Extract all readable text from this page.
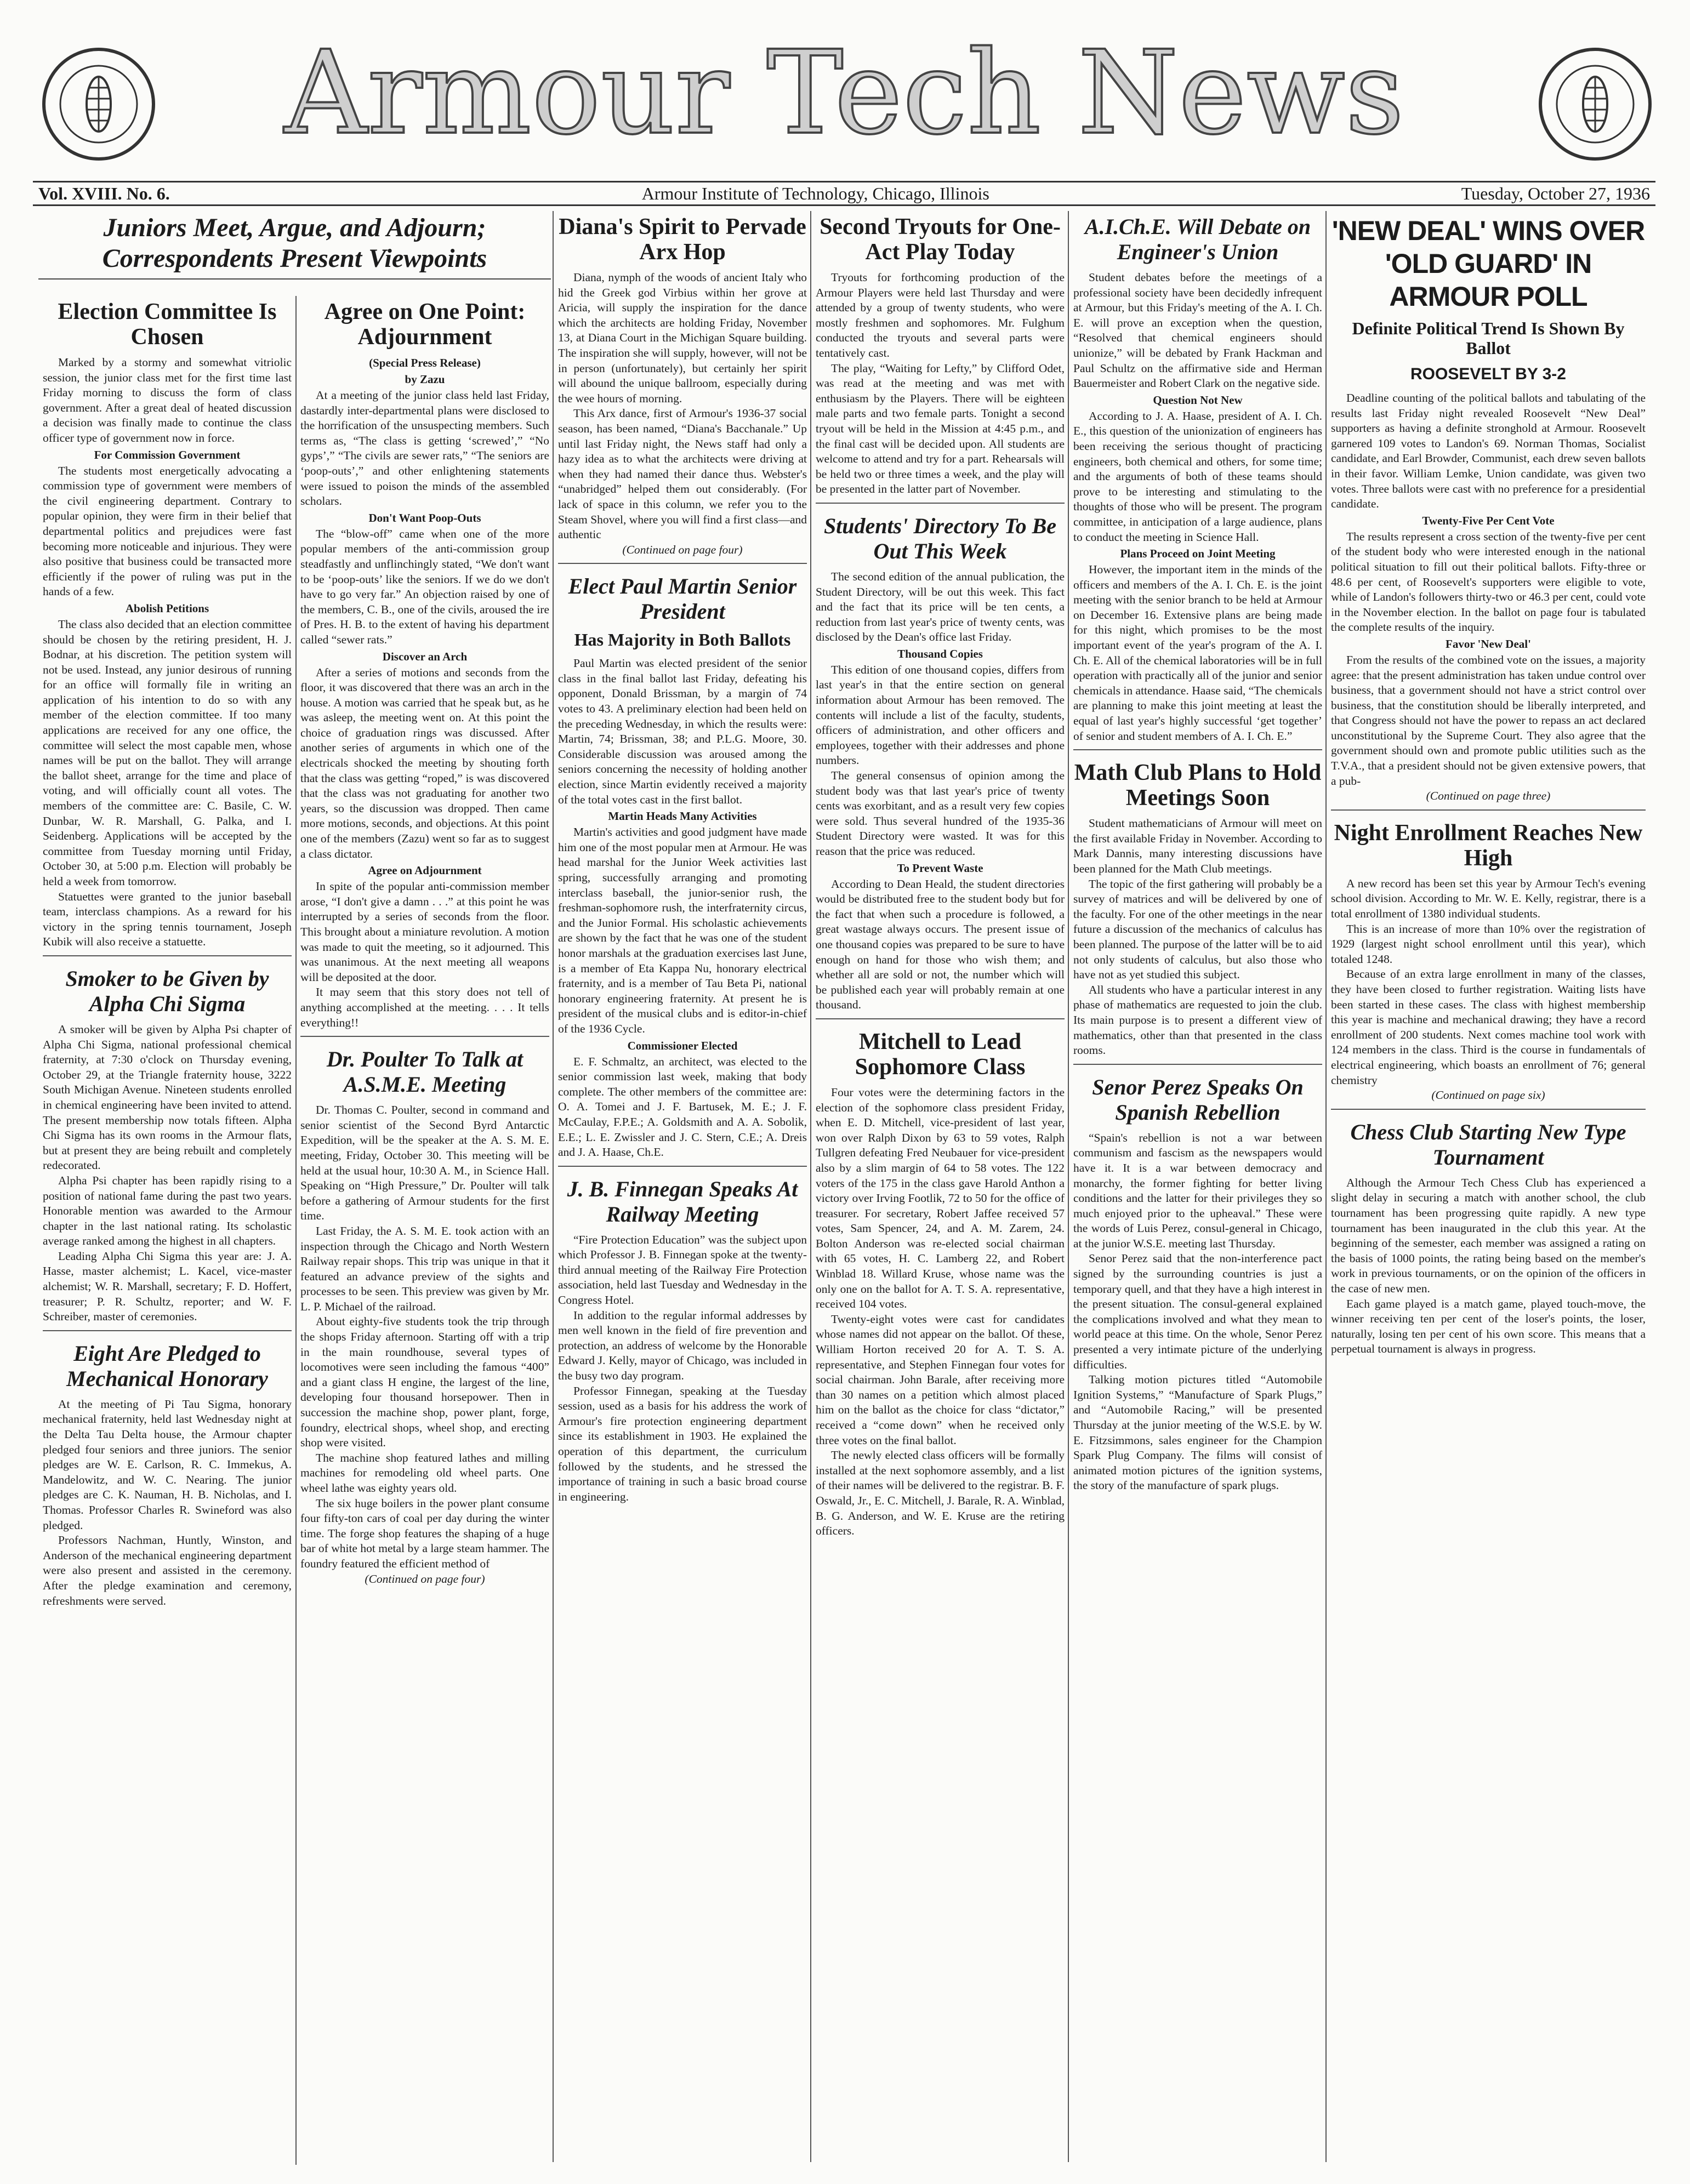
Armour Tech News
Vol. XVIII. No. 6.	Armour Institute of Technology, Chicago, Illinois	Tuesday, October 27, 1936
Juniors Meet, Argue, and Adjourn;
Correspondents Present Viewpoints
Election Committee Is Chosen

Marked by a stormy and somewhat vitriolic session, the junior class met for the first time last Friday morning to discuss the form of class government. After a great deal of heated discussion a decision was finally made to continue the class officer type of government now in force.

For Commission Government

The students most energetically advocating a commission type of government were members of the civil engineering department. Contrary to popular opinion, they were firm in their belief that departmental politics and prejudices were fast becoming more noticeable and injurious. They were also positive that business could be transacted more efficiently if the power of ruling was put in the hands of a few.

Abolish Petitions

The class also decided that an election committee should be chosen by the retiring president, H. J. Bodnar, at his discretion. The petition system will not be used. Instead, any junior desirous of running for an office will formally file in writing an application of his intention to do so with any member of the election committee. If too many applications are received for any one office, the committee will select the most capable men, whose names will be put on the ballot. They will arrange the ballot sheet, arrange for the time and place of voting, and will officially count all votes. The members of the committee are: C. Basile, C. W. Dunbar, W. R. Marshall, G. Palka, and I. Seidenberg. Applications will be accepted by the committee from Tuesday morning until Friday, October 30, at 5:00 p.m. Election will probably be held a week from tomorrow.

Statuettes were granted to the junior baseball team, interclass champions. As a reward for his victory in the spring tennis tournament, Joseph Kubik will also receive a statuette.

Smoker to be Given by Alpha Chi Sigma

A smoker will be given by Alpha Psi chapter of Alpha Chi Sigma, national professional chemical fraternity, at 7:30 o'clock on Thursday evening, October 29, at the Triangle fraternity house, 3222 South Michigan Avenue. Nineteen students enrolled in chemical engineering have been invited to attend. The present membership now totals fifteen. Alpha Chi Sigma has its own rooms in the Armour flats, but at present they are being rebuilt and completely redecorated.

Alpha Psi chapter has been rapidly rising to a position of national fame during the past two years. Honorable mention was awarded to the Armour chapter in the last national rating. Its scholastic average ranked among the highest in all chapters.

Leading Alpha Chi Sigma this year are: J. A. Hasse, master alchemist; L. Kacel, vice-master alchemist; W. R. Marshall, secretary; F. D. Hoffert, treasurer; P. R. Schultz, reporter; and W. F. Schreiber, master of ceremonies.

Eight Are Pledged to Mechanical Honorary

At the meeting of Pi Tau Sigma, honorary mechanical fraternity, held last Wednesday night at the Delta Tau Delta house, the Armour chapter pledged four seniors and three juniors. The senior pledges are W. E. Carlson, R. C. Immekus, A. Mandelowitz, and W. C. Nearing. The junior pledges are C. K. Nauman, H. B. Nicholas, and I. Thomas. Professor Charles R. Swineford was also pledged.

Professors Nachman, Huntly, Winston, and Anderson of the mechanical engineering department were also present and assisted in the ceremony. After the pledge examination and ceremony, refreshments were served.

Agree on One Point: Adjournment
(Special Press Release)
by Zazu

At a meeting of the junior class held last Friday, dastardly inter-departmental plans were disclosed to the horrification of the unsuspecting members. Such terms as, “The class is getting ‘screwed’,” “No gyps’,” “The civils are sewer rats,” “The seniors are ‘poop-outs’,” and other enlightening statements were issued to poison the minds of the assembled scholars.

Don't Want Poop-Outs

The “blow-off” came when one of the more popular members of the anti-commission group steadfastly and unflinchingly stated, “We don't want to be ‘poop-outs’ like the seniors. If we do we don't have to go very far.” An objection raised by one of the members, C. B., one of the civils, aroused the ire of Pres. H. B. to the extent of having his department called “sewer rats.”

Discover an Arch

After a series of motions and seconds from the floor, it was discovered that there was an arch in the house. A motion was carried that he speak but, as he was asleep, the meeting went on. At this point the choice of graduation rings was discussed. After another series of arguments in which one of the electricals shocked the meeting by shouting forth that the class was getting “roped,” is was discovered that the class was not graduating for another two years, so the discussion was dropped. Then came more motions, seconds, and objections. At this point one of the members (Zazu) went so far as to suggest a class dictator.

Agree on Adjournment

In spite of the popular anti-commission member arose, “I don't give a damn . . .” at this point he was interrupted by a series of seconds from the floor. This brought about a miniature revolution. A motion was made to quit the meeting, so it adjourned. This was unanimous. At the next meeting all weapons will be deposited at the door.

It may seem that this story does not tell of anything accomplished at the meeting. . . . It tells everything!!

Dr. Poulter To Talk at A.S.M.E. Meeting

Dr. Thomas C. Poulter, second in command and senior scientist of the Second Byrd Antarctic Expedition, will be the speaker at the A. S. M. E. meeting, Friday, October 30. This meeting will be held at the usual hour, 10:30 A. M., in Science Hall. Speaking on “High Pressure,” Dr. Poulter will talk before a gathering of Armour students for the first time.

Last Friday, the A. S. M. E. took action with an inspection through the Chicago and North Western Railway repair shops. This trip was unique in that it featured an advance preview of the sights and processes to be seen. This preview was given by Mr. L. P. Michael of the railroad.

About eighty-five students took the trip through the shops Friday afternoon. Starting off with a trip in the main roundhouse, several types of locomotives were seen including the famous “400” and a giant class H engine, the largest of the line, developing four thousand horsepower. Then in succession the machine shop, power plant, forge, foundry, electrical shops, wheel shop, and erecting shop were visited.

The machine shop featured lathes and milling machines for remodeling old wheel parts. One wheel lathe was eighty years old.

The six huge boilers in the power plant consume four fifty-ton cars of coal per day during the winter time. The forge shop features the shaping of a huge bar of white hot metal by a large steam hammer. The foundry featured the efficient method of

(Continued on page four)

Diana's Spirit to Pervade Arx Hop

Diana, nymph of the woods of ancient Italy who hid the Greek god Virbius within her grove at Aricia, will supply the inspiration for the dance which the architects are holding Friday, November 13, at Diana Court in the Michigan Square building. The inspiration she will supply, however, will not be in person (unfortunately), but certainly her spirit will abound the unique ballroom, especially during the wee hours of morning.

This Arx dance, first of Armour's 1936-37 social season, has been named, “Diana's Bacchanale.” Up until last Friday night, the News staff had only a hazy idea as to what the architects were driving at when they had named their dance thus. Webster's “unabridged” helped them out considerably. (For lack of space in this column, we refer you to the Steam Shovel, where you will find a first class—and authentic

(Continued on page four)

Elect Paul Martin Senior President
Has Majority in Both Ballots

Paul Martin was elected president of the senior class in the final ballot last Friday, defeating his opponent, Donald Brissman, by a margin of 74 votes to 43. A preliminary election had been held on the preceding Wednesday, in which the results were: Martin, 74; Brissman, 38; and P.L.G. Moore, 30. Considerable discussion was aroused among the seniors concerning the necessity of holding another election, since Martin evidently received a majority of the total votes cast in the first ballot.

Martin Heads Many Activities

Martin's activities and good judgment have made him one of the most popular men at Armour. He was head marshal for the Junior Week activities last spring, successfully arranging and promoting interclass baseball, the junior-senior rush, the freshman-sophomore rush, the interfraternity circus, and the Junior Formal. His scholastic achievements are shown by the fact that he was one of the student honor marshals at the graduation exercises last June, is a member of Eta Kappa Nu, honorary electrical fraternity, and is a member of Tau Beta Pi, national honorary engineering fraternity. At present he is president of the musical clubs and is editor-in-chief of the 1936 Cycle.

Commissioner Elected

E. F. Schmaltz, an architect, was elected to the senior commission last week, making that body complete. The other members of the committee are: O. A. Tomei and J. F. Bartusek, M. E.; J. F. McCaulay, F.P.E.; A. Goldsmith and A. A. Sobolik, E.E.; L. E. Zwissler and J. C. Stern, C.E.; A. Dreis and J. A. Haase, Ch.E.

J. B. Finnegan Speaks At Railway Meeting

“Fire Protection Education” was the subject upon which Professor J. B. Finnegan spoke at the twenty-third annual meeting of the Railway Fire Protection association, held last Tuesday and Wednesday in the Congress Hotel.

In addition to the regular informal addresses by men well known in the field of fire prevention and protection, an address of welcome by the Honorable Edward J. Kelly, mayor of Chicago, was included in the busy two day program.

Professor Finnegan, speaking at the Tuesday session, used as a basis for his address the work of Armour's fire protection engineering department since its establishment in 1903. He explained the operation of this department, the curriculum followed by the students, and he stressed the importance of training in such a basic broad course in engineering.

Second Tryouts for One-Act Play Today

Tryouts for forthcoming production of the Armour Players were held last Thursday and were attended by a group of twenty students, who were mostly freshmen and sophomores. Mr. Fulghum conducted the tryouts and several parts were tentatively cast.

The play, “Waiting for Lefty,” by Clifford Odet, was read at the meeting and was met with enthusiasm by the Players. There will be eighteen male parts and two female parts. Tonight a second tryout will be held in the Mission at 4:45 p.m., and the final cast will be decided upon. All students are welcome to attend and try for a part. Rehearsals will be held two or three times a week, and the play will be presented in the latter part of November.

Students' Directory To Be Out This Week

The second edition of the annual publication, the Student Directory, will be out this week. This fact and the fact that its price will be ten cents, a reduction from last year's price of twenty cents, was disclosed by the Dean's office last Friday.

Thousand Copies

This edition of one thousand copies, differs from last year's in that the entire section on general information about Armour has been removed. The contents will include a list of the faculty, students, officers of administration, and other officers and employees, together with their addresses and phone numbers.

The general consensus of opinion among the student body was that last year's price of twenty cents was exorbitant, and as a result very few copies were sold. Thus several hundred of the 1935-36 Student Directory were wasted. It was for this reason that the price was reduced.

To Prevent Waste

According to Dean Heald, the student directories would be distributed free to the student body but for the fact that when such a procedure is followed, a great wastage always occurs. The present issue of one thousand copies was prepared to be sure to have enough on hand for those who wish them; and whether all are sold or not, the number which will be published each year will probably remain at one thousand.

Mitchell to Lead Sophomore Class

Four votes were the determining factors in the election of the sophomore class president Friday, when E. D. Mitchell, vice-president of last year, won over Ralph Dixon by 63 to 59 votes, Ralph Tullgren defeating Fred Neubauer for vice-president also by a slim margin of 64 to 58 votes. The 122 voters of the 175 in the class gave Harold Anthon a victory over Irving Footlik, 72 to 50 for the office of treasurer. For secretary, Robert Jaffee received 57 votes, Sam Spencer, 24, and A. M. Zarem, 24. Bolton Anderson was re-elected social chairman with 65 votes, H. C. Lamberg 22, and Robert Winblad 18. Willard Kruse, whose name was the only one on the ballot for A. T. S. A. representative, received 104 votes.

Twenty-eight votes were cast for candidates whose names did not appear on the ballot. Of these, William Horton received 20 for A. T. S. A. representative, and Stephen Finnegan four votes for social chairman. John Barale, after receiving more than 30 names on a petition which almost placed him on the ballot as the choice for class “dictator,” received a “come down” when he received only three votes on the final ballot.

The newly elected class officers will be formally installed at the next sophomore assembly, and a list of their names will be delivered to the registrar. B. F. Oswald, Jr., E. C. Mitchell, J. Barale, R. A. Winblad, B. G. Anderson, and W. E. Kruse are the retiring officers.

A.I.Ch.E. Will Debate on Engineer's Union

Student debates before the meetings of a professional society have been decidedly infrequent at Armour, but this Friday's meeting of the A. I. Ch. E. will prove an exception when the question, “Resolved that chemical engineers should unionize,” will be debated by Frank Hackman and Paul Schultz on the affirmative side and Herman Bauermeister and Robert Clark on the negative side.

Question Not New

According to J. A. Haase, president of A. I. Ch. E., this question of the unionization of engineers has been receiving the serious thought of practicing engineers, both chemical and others, for some time; and the arguments of both of these teams should prove to be interesting and stimulating to the thoughts of those who will be present. The program committee, in anticipation of a large audience, plans to conduct the meeting in Science Hall.

Plans Proceed on Joint Meeting

However, the important item in the minds of the officers and members of the A. I. Ch. E. is the joint meeting with the senior branch to be held at Armour on December 16. Extensive plans are being made for this night, which promises to be the most important event of the year's program of the A. I. Ch. E. All of the chemical laboratories will be in full operation with practically all of the junior and senior chemicals in attendance. Haase said, “The chemicals are planning to make this joint meeting at least the equal of last year's highly successful ‘get together’ of senior and student members of A. I. Ch. E.”

Math Club Plans to Hold Meetings Soon

Student mathematicians of Armour will meet on the first available Friday in November. According to Mark Dannis, many interesting discussions have been planned for the Math Club meetings.

The topic of the first gathering will probably be a survey of matrices and will be delivered by one of the faculty. For one of the other meetings in the near future a discussion of the mechanics of calculus has been planned. The purpose of the latter will be to aid not only students of calculus, but also those who have not as yet studied this subject.

All students who have a particular interest in any phase of mathematics are requested to join the club. Its main purpose is to present a different view of mathematics, other than that presented in the class rooms.

Senor Perez Speaks On Spanish Rebellion

“Spain's rebellion is not a war between communism and fascism as the newspapers would have it. It is a war between democracy and monarchy, the former fighting for better living conditions and the latter for their privileges they so much enjoyed prior to the upheaval.” These were the words of Luis Perez, consul-general in Chicago, at the junior W.S.E. meeting last Thursday.

Senor Perez said that the non-interference pact signed by the surrounding countries is just a temporary quell, and that they have a high interest in the present situation. The consul-general explained the complications involved and what they mean to world peace at this time. On the whole, Senor Perez presented a very intimate picture of the underlying difficulties.

Talking motion pictures titled “Automobile Ignition Systems,” “Manufacture of Spark Plugs,” and “Automobile Racing,” will be presented Thursday at the junior meeting of the W.S.E. by W. E. Fitzsimmons, sales engineer for the Champion Spark Plug Company. The films will consist of animated motion pictures of the ignition systems, the story of the manufacture of spark plugs.

'NEW DEAL' WINS OVER 'OLD GUARD' IN ARMOUR POLL
Definite Political Trend Is Shown By Ballot
ROOSEVELT BY 3-2

Deadline counting of the political ballots and tabulating of the results last Friday night revealed Roosevelt “New Deal” supporters as having a definite stronghold at Armour. Roosevelt garnered 109 votes to Landon's 69. Norman Thomas, Socialist candidate, and Earl Browder, Communist, each drew seven ballots in their favor. William Lemke, Union candidate, was given two votes. Three ballots were cast with no preference for a presidential candidate.

Twenty-Five Per Cent Vote

The results represent a cross section of the twenty-five per cent of the student body who were interested enough in the national political situation to fill out their political ballots. Fifty-three or 48.6 per cent, of Roosevelt's supporters were eligible to vote, while of Landon's followers thirty-two or 46.3 per cent, could vote in the November election. In the ballot on page four is tabulated the complete results of the inquiry.

Favor 'New Deal'

From the results of the combined vote on the issues, a majority agree: that the present administration has taken undue control over business, that a government should not have a strict control over business, that the constitution should be liberally interpreted, and that Congress should not have the power to repass an act declared unconstitutional by the Supreme Court. They also agree that the government should own and promote public utilities such as the T.V.A., that a president should not be given extensive powers, that a pub-

(Continued on page three)

Night Enrollment Reaches New High

A new record has been set this year by Armour Tech's evening school division. According to Mr. W. E. Kelly, registrar, there is a total enrollment of 1380 individual students.

This is an increase of more than 10% over the registration of 1929 (largest night school enrollment until this year), which totaled 1248.

Because of an extra large enrollment in many of the classes, they have been closed to further registration. Waiting lists have been started in these cases. The class with highest membership this year is machine and mechanical drawing; they have a record enrollment of 200 students. Next comes machine tool work with 124 members in the class. Third is the course in fundamentals of electrical engineering, which boasts an enrollment of 76; general chemistry

(Continued on page six)

Chess Club Starting New Type Tournament

Although the Armour Tech Chess Club has experienced a slight delay in securing a match with another school, the club tournament has been progressing quite rapidly. A new type tournament has been inaugurated in the club this year. At the beginning of the semester, each member was assigned a rating on the basis of 1000 points, the rating being based on the member's work in previous tournaments, or on the opinion of the officers in the case of new men.

Each game played is a match game, played touch-move, the winner receiving ten per cent of the loser's points, the loser, naturally, losing ten per cent of his own score. This means that a perpetual tournament is always in progress.
